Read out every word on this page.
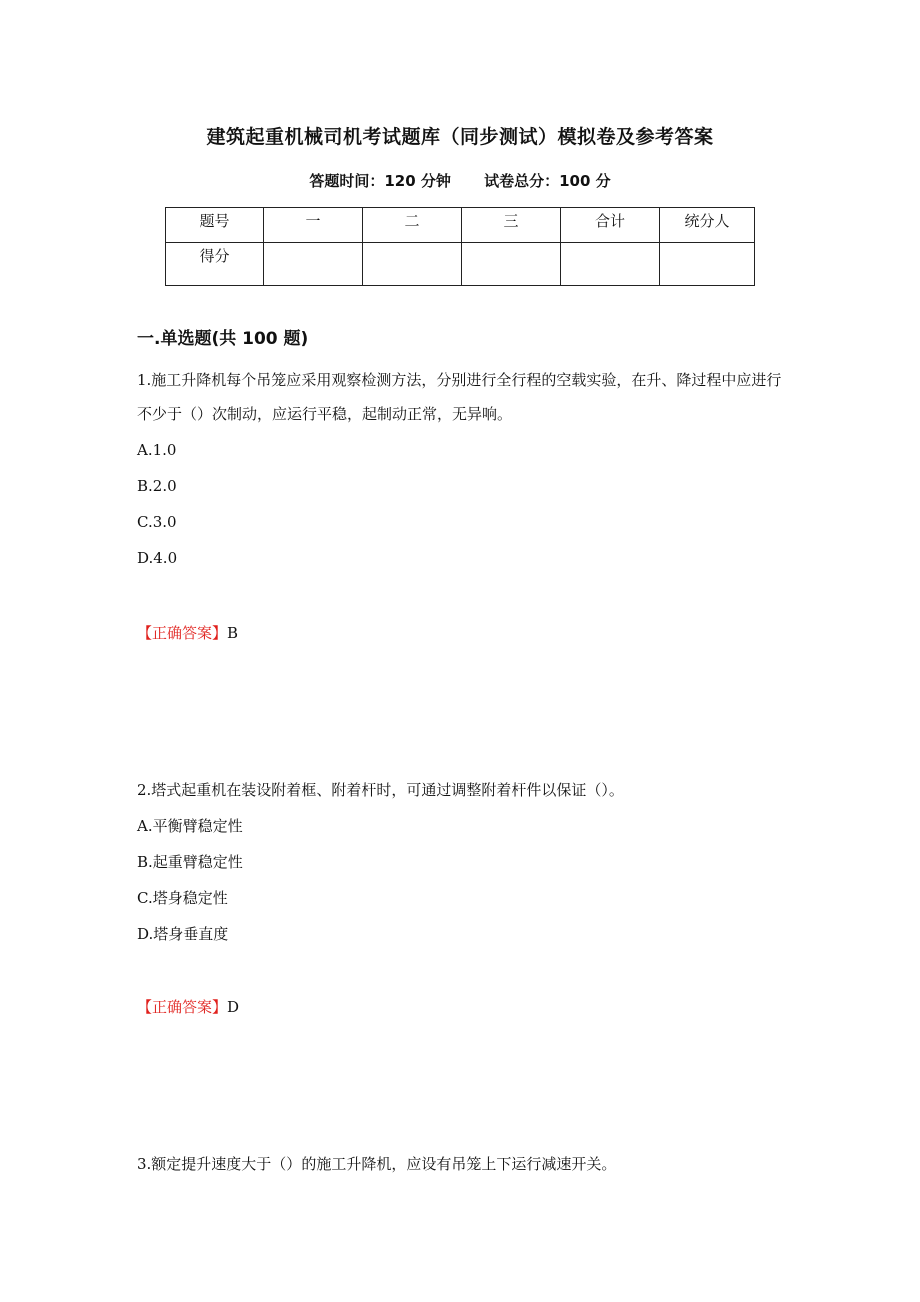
建筑起重机械司机考试题库（同步测试）模拟卷及参考答案
答题时间：120 分钟 试卷总分：100 分
题号	一	二	三	合计	统分人
得分					
一.单选题(共 100 题)
1.施工升降机每个吊笼应采用观察检测方法，分别进行全行程的空载实验，在升、降过程中应进行不少于（）次制动，应运行平稳，起制动正常，无异响。
A.1.0
B.2.0
C.3.0
D.4.0
【正确答案】B
2.塔式起重机在装设附着框、附着杆时，可通过调整附着杆件以保证（）。
A.平衡臂稳定性
B.起重臂稳定性
C.塔身稳定性
D.塔身垂直度
【正确答案】D
3.额定提升速度大于（）的施工升降机，应设有吊笼上下运行减速开关。
